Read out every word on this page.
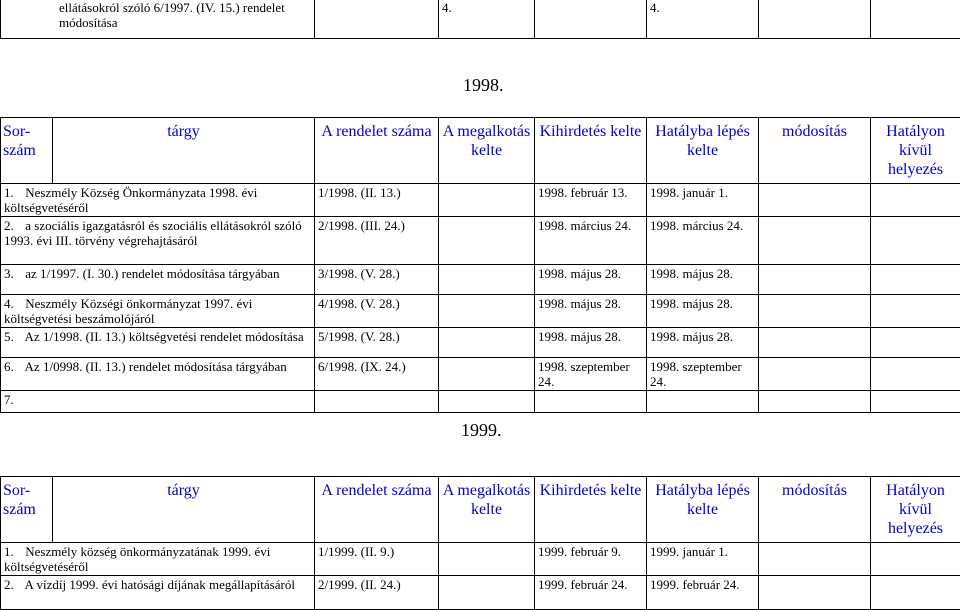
ellátásokról szóló 6/1997. (IV. 15.) rendelet módosítása		4.		4.		
1998.
Sor-szám	tárgy	A rendelet száma	A megalkotás kelte	Kihirdetés kelte	Hatályba lépés kelte	módosítás	Hatályon kívül helyezés
1. Neszmély Község Önkormányzata 1998. évi költségvetéséről		1/1998. (II. 13.)		1998. február 13.	1998. január 1.		
2. a szociális igazgatásról és szociális ellátásokról szóló 1993. évi III. törvény végrehajtásáról		2/1998. (III. 24.)		1998. március 24.	1998. március 24.		
3. az 1/1997. (I. 30.) rendelet módosítása tárgyában		3/1998. (V. 28.)		1998. május 28.	1998. május 28.		
4. Neszmély Községi önkormányzat 1997. évi költségvetési beszámolójáról		4/1998. (V. 28.)		1998. május 28.	1998. május 28.		
5. Az 1/1998. (II. 13.) költségvetési rendelet módosítása		5/1998. (V. 28.)		1998. május 28.	1998. május 28.		
6. Az 1/0998. (II. 13.) rendelet módosítása tárgyában		6/1998. (IX. 24.)		1998. szeptember 24.	1998. szeptember 24.		
7.							
1999.
Sor-szám	tárgy	A rendelet száma	A megalkotás kelte	Kihirdetés kelte	Hatályba lépés kelte	módosítás	Hatályon kívül helyezés
1. Neszmély község önkormányzatának 1999. évi költségvetéséről		1/1999. (II. 9.)		1999. február 9.	1999. január 1.		
2. A vízdíj 1999. évi hatósági díjának megállapításáról		2/1999. (II. 24.)		1999. február 24.	1999. február 24.		
